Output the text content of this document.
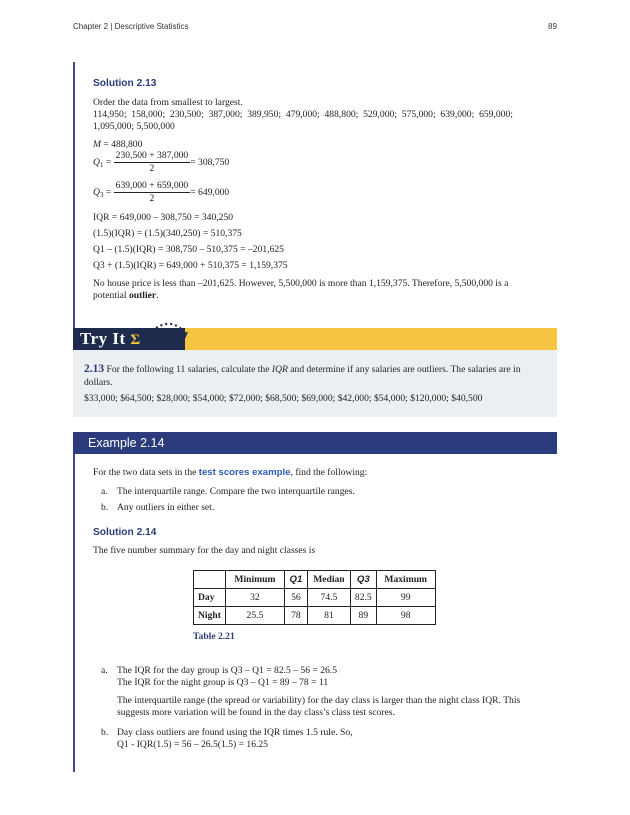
Chapter 2 | Descriptive Statistics	89
Solution 2.13
Order the data from smallest to largest.
114,950;  158,000;  230,500;  387,000;  389,950;  479,000;  488,800;  529,000;  575,000;  639,000;  659,000;
1,095,000; 5,500,000
M = 488,800
$Q_1 = \frac{230,500 + 387,000}{2} = 308,750$
$Q_3 = \frac{639,000 + 659,000}{2} = 649,000$
IQR = 649,000 – 308,750 = 340,250
(1.5)(IQR) = (1.5)(340,250) = 510,375
Q1 – (1.5)(IQR) = 308,750 – 510,375 = –201,625
Q3 + (1.5)(IQR) = 649,000 + 510,375 = 1,159,375
No house price is less than –201,625. However, 5,500,000 is more than 1,159,375. Therefore, 5,500,000 is a
potential outlier.
Try It Σ
2.13 For the following 11 salaries, calculate the IQR and determine if any salaries are outliers. The salaries are in
dollars.
$33,000; $64,500; $28,000; $54,000; $72,000; $68,500; $69,000; $42,000; $54,000; $120,000; $40,500
Example 2.14
For the two data sets in the test scores example, find the following:
a. The interquartile range. Compare the two interquartile ranges.
b. Any outliers in either set.
Solution 2.14
The five number summary for the day and night classes is
	Minimum	Q1	Median	Q3	Maximum
Day	32	56	74.5	82.5	99
Night	25.5	78	81	89	98
Table 2.21
a. The IQR for the day group is Q3 – Q1 = 82.5 – 56 = 26.5
The IQR for the night group is Q3 – Q1 = 89 – 78 = 11
The interquartile range (the spread or variability) for the day class is larger than the night class IQR. This
suggests more variation will be found in the day class’s class test scores.
b. Day class outliers are found using the IQR times 1.5 rule. So,
Q1 - IQR(1.5) = 56 – 26.5(1.5) = 16.25
